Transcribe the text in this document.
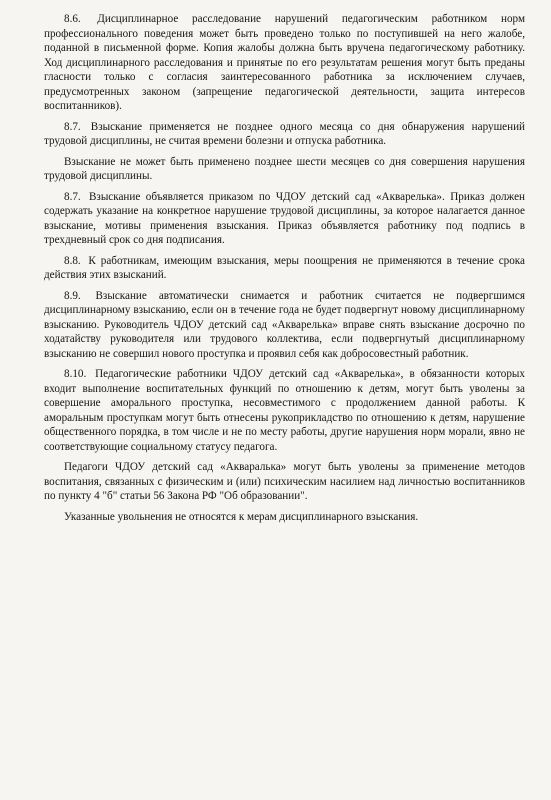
8.6. Дисциплинарное расследование нарушений педагогическим работником норм профессионального поведения может быть проведено только по поступившей на него жалобе, поданной в письменной форме. Копия жалобы должна быть вручена педагогическому работнику. Ход дисциплинарного расследования и принятые по его результатам решения могут быть преданы гласности только с согласия заинтересованного работника за исключением случаев, предусмотренных законом (запрещение педагогической деятельности, защита интересов воспитанников).

8.7. Взыскание применяется не позднее одного месяца со дня обнаружения нарушений трудовой дисциплины, не считая времени болезни и отпуска работника.

Взыскание не может быть применено позднее шести месяцев со дня совершения нарушения трудовой дисциплины.

8.7. Взыскание объявляется приказом по ЧДОУ детский сад «Акварелька». Приказ должен содержать указание на конкретное нарушение трудовой дисциплины, за которое налагается данное взыскание, мотивы применения взыскания. Приказ объявляется работнику под подпись в трехдневный срок со дня подписания.

8.8. К работникам, имеющим взыскания, меры поощрения не применяются в течение срока действия этих взысканий.

8.9. Взыскание автоматически снимается и работник считается не подвергшимся дисциплинарному взысканию, если он в течение года не будет подвергнут новому дисциплинарному взысканию. Руководитель ЧДОУ детский сад «Акварелька» вправе снять взыскание досрочно по ходатайству руководителя или трудового коллектива, если подвергнутый дисциплинарному взысканию не совершил нового проступка и проявил себя как добросовестный работник.

8.10. Педагогические работники ЧДОУ детский сад «Акварелька», в обязанности которых входит выполнение воспитательных функций по отношению к детям, могут быть уволены за совершение аморального проступка, несовместимого с продолжением данной работы. К аморальным проступкам могут быть отнесены рукоприкладство по отношению к детям, нарушение общественного порядка, в том числе и не по месту работы, другие нарушения норм морали, явно не соответствующие социальному статусу педагога.

Педагоги ЧДОУ детский сад «Акваралька» могут быть уволены за применение методов воспитания, связанных с физическим и (или) психическим насилием над личностью воспитанников по пункту 4 "б" статьи 56 Закона РФ "Об образовании".

Указанные увольнения не относятся к мерам дисциплинарного взыскания.
